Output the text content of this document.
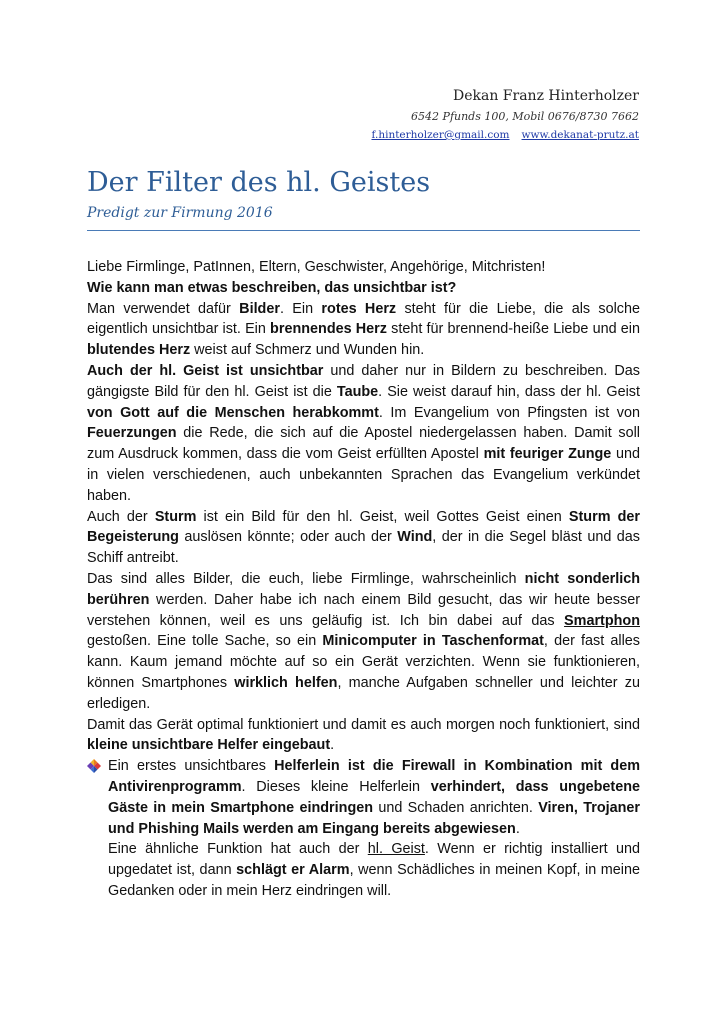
Dekan Franz Hinterholzer
6542 Pfunds 100, Mobil 0676/8730 7662
f.hinterholzer@gmail.com www.dekanat-prutz.at
Der Filter des hl. Geistes
Predigt zur Firmung 2016

Liebe Firmlinge, PatInnen, Eltern, Geschwister, Angehörige, Mitchristen!

Wie kann man etwas beschreiben, das unsichtbar ist?

Man verwendet dafür Bilder. Ein rotes Herz steht für die Liebe, die als solche eigentlich unsichtbar ist. Ein brennendes Herz steht für brennend-heiße Liebe und ein blutendes Herz weist auf Schmerz und Wunden hin.

Auch der hl. Geist ist unsichtbar und daher nur in Bildern zu beschreiben. Das gängigste Bild für den hl. Geist ist die Taube. Sie weist darauf hin, dass der hl. Geist von Gott auf die Menschen herabkommt. Im Evangelium von Pfingsten ist von Feuerzungen die Rede, die sich auf die Apostel niedergelassen haben. Damit soll zum Ausdruck kommen, dass die vom Geist erfüllten Apostel mit feuriger Zunge und in vielen verschiedenen, auch unbekannten Sprachen das Evangelium verkündet haben.

Auch der Sturm ist ein Bild für den hl. Geist, weil Gottes Geist einen Sturm der Begeisterung auslösen könnte; oder auch der Wind, der in die Segel bläst und das Schiff antreibt.

Das sind alles Bilder, die euch, liebe Firmlinge, wahrscheinlich nicht sonderlich berühren werden. Daher habe ich nach einem Bild gesucht, das wir heute besser verstehen können, weil es uns geläufig ist. Ich bin dabei auf das Smartphon gestoßen. Eine tolle Sache, so ein Minicomputer in Taschenformat, der fast alles kann. Kaum jemand möchte auf so ein Gerät verzichten. Wenn sie funktionieren, können Smartphones wirklich helfen, manche Aufgaben schneller und leichter zu erledigen.

Damit das Gerät optimal funktioniert und damit es auch morgen noch funktioniert, sind kleine unsichtbare Helfer eingebaut.

Ein erstes unsichtbares Helferlein ist die Firewall in Kombination mit dem Antivirenprogramm. Dieses kleine Helferlein verhindert, dass ungebetene Gäste in mein Smartphone eindringen und Schaden anrichten. Viren, Trojaner und Phishing Mails werden am Eingang bereits abgewiesen.

Eine ähnliche Funktion hat auch der hl. Geist. Wenn er richtig installiert und upgedatet ist, dann schlägt er Alarm, wenn Schädliches in meinen Kopf, in meine Gedanken oder in mein Herz eindringen will.
